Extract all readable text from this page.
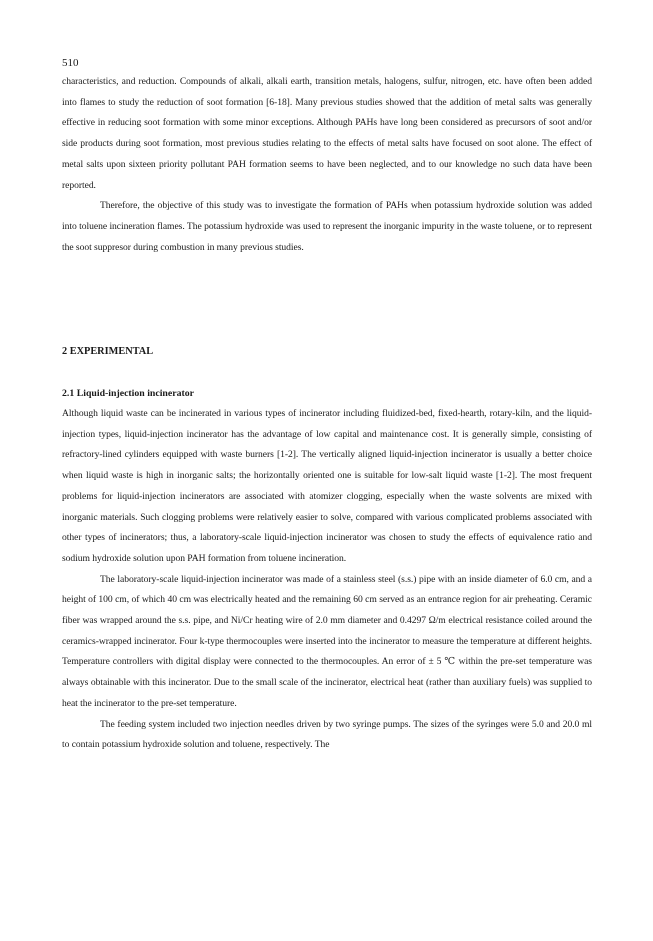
510

characteristics, and reduction. Compounds of alkali, alkali earth, transition metals, halogens, sulfur, nitrogen, etc. have often been added into flames to study the reduction of soot formation [6-18]. Many previous studies showed that the addition of metal salts was generally effective in reducing soot formation with some minor exceptions. Although PAHs have long been considered as precursors of soot and/or side products during soot formation, most previous studies relating to the effects of metal salts have focused on soot alone. The effect of metal salts upon sixteen priority pollutant PAH formation seems to have been neglected, and to our knowledge no such data have been reported.

Therefore, the objective of this study was to investigate the formation of PAHs when potassium hydroxide solution was added into toluene incineration flames. The potassium hydroxide was used to represent the inorganic impurity in the waste toluene, or to represent the soot suppresor during combustion in many previous studies.

2 EXPERIMENTAL
2.1 Liquid-injection incinerator

Although liquid waste can be incinerated in various types of incinerator including fluidized-bed, fixed-hearth, rotary-kiln, and the liquid-injection types, liquid-injection incinerator has the advantage of low capital and maintenance cost. It is generally simple, consisting of refractory-lined cylinders equipped with waste burners [1-2]. The vertically aligned liquid-injection incinerator is usually a better choice when liquid waste is high in inorganic salts; the horizontally oriented one is suitable for low-salt liquid waste [1-2]. The most frequent problems for liquid-injection incinerators are associated with atomizer clogging, especially when the waste solvents are mixed with inorganic materials. Such clogging problems were relatively easier to solve, compared with various complicated problems associated with other types of incinerators; thus, a laboratory-scale liquid-injection incinerator was chosen to study the effects of equivalence ratio and sodium hydroxide solution upon PAH formation from toluene incineration.

The laboratory-scale liquid-injection incinerator was made of a stainless steel (s.s.) pipe with an inside diameter of 6.0 cm, and a height of 100 cm, of which 40 cm was electrically heated and the remaining 60 cm served as an entrance region for air preheating. Ceramic fiber was wrapped around the s.s. pipe, and Ni/Cr heating wire of 2.0 mm diameter and 0.4297 Ω/m electrical resistance coiled around the ceramics-wrapped incinerator. Four k-type thermocouples were inserted into the incinerator to measure the temperature at different heights. Temperature controllers with digital display were connected to the thermocouples. An error of ± 5 ℃ within the pre-set temperature was always obtainable with this incinerator. Due to the small scale of the incinerator, electrical heat (rather than auxiliary fuels) was supplied to heat the incinerator to the pre-set temperature.

The feeding system included two injection needles driven by two syringe pumps. The sizes of the syringes were 5.0 and 20.0 ml to contain potassium hydroxide solution and toluene, respectively. The
